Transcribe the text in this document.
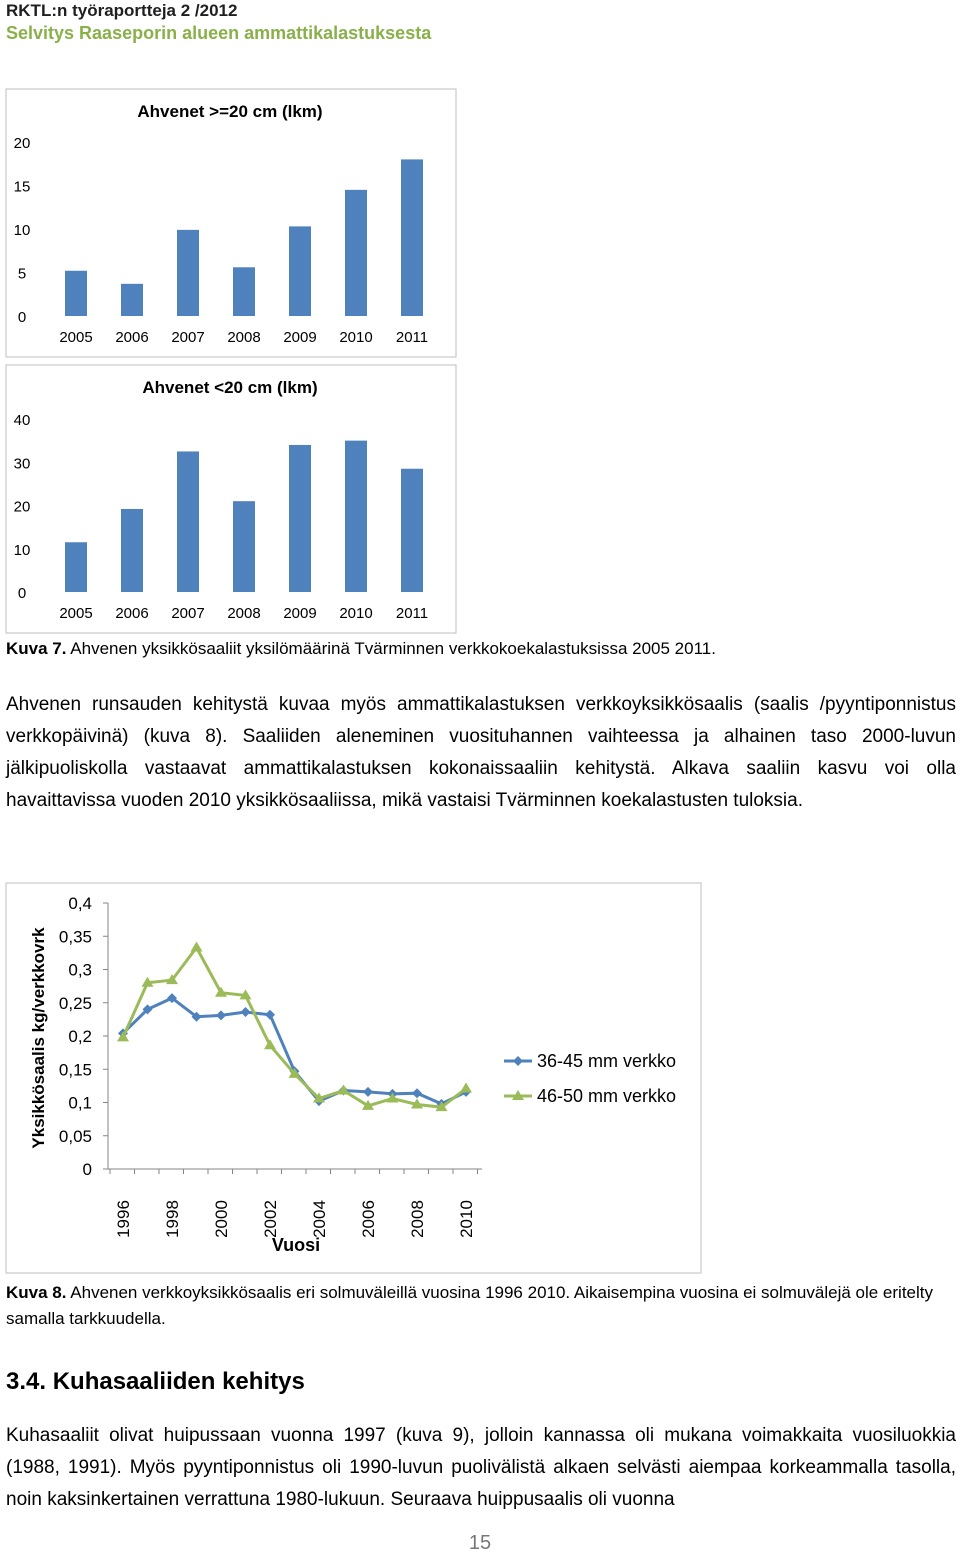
RKTL:n työraportteja 2 /2012
Selvitys Raaseporin alueen ammattikalastuksesta
Ahvenet >=20 cm (lkm)
0
5
10
15
20
2005 2006 2007 2008 2009 2010 2011
Ahvenet <20 cm (lkm)
0
10
20
30
40
2005 2006 2007 2008 2009 2010 2011
Kuva 7. Ahvenen yksikkösaaliit yksilömäärinä Tvärminnen verkkokoekalastuksissa 2005 2011.
Ahvenen runsauden kehitystä kuvaa myös ammattikalastuksen verkkoyksikkösaalis (saalis /pyyntiponnistus verkkopäivinä) (kuva 8). Saaliiden aleneminen vuosituhannen vaihteessa ja alhainen taso 2000-luvun jälkipuoliskolla vastaavat ammattikalastuksen kokonaissaaliin kehitystä. Alkava saaliin kasvu voi olla havaittavissa vuoden 2010 yksikkösaaliissa, mikä vastaisi Tvärminnen koekalastusten tuloksia.
Yksikkösaalis kg/verkkovrk
Vuosi
0
0,05
0,1
0,15
0,2
0,25
0,3
0,35
0,4
1996 1998 2000 2002 2004 2006 2008 2010
36-45 mm verkko
46-50 mm verkko
Kuva 8. Ahvenen verkkoyksikkösaalis eri solmuväleillä vuosina 1996 2010. Aikaisempina vuosina ei solmuvälejä ole eritelty samalla tarkkuudella.
3.4. Kuhasaaliiden kehitys
Kuhasaaliit olivat huipussaan vuonna 1997 (kuva 9), jolloin kannassa oli mukana voimakkaita vuosiluokkia (1988, 1991). Myös pyyntiponnistus oli 1990-luvun puolivälistä alkaen selvästi aiempaa korkeammalla tasolla, noin kaksinkertainen verrattuna 1980-lukuun. Seuraava huippusaalis oli vuonna
15
